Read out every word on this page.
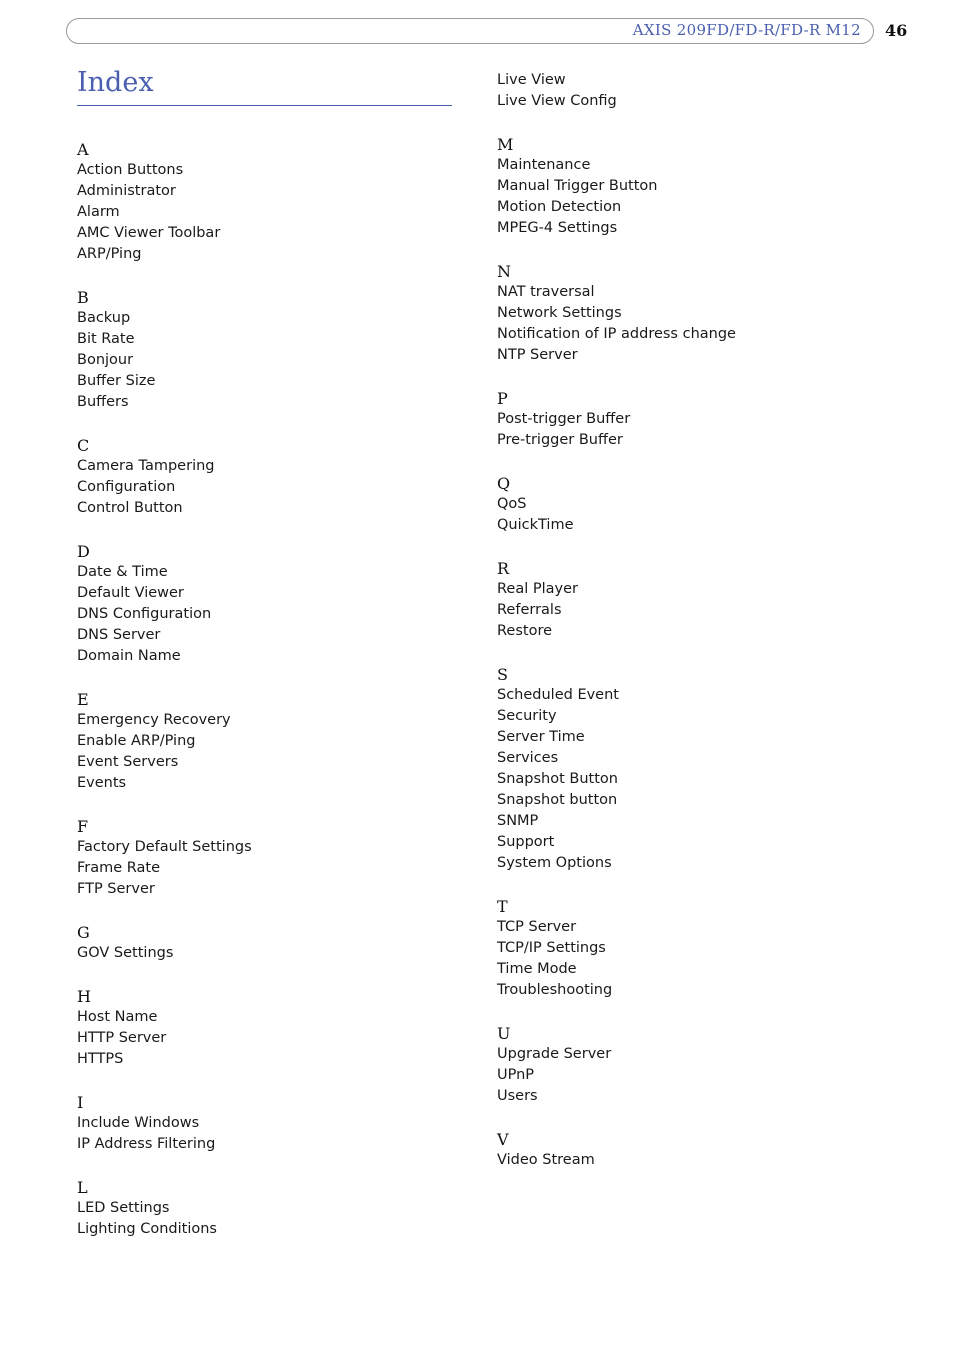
AXIS 209FD/FD-R/FD-R M12 46
Index
A
Action Buttons
Administrator
Alarm
AMC Viewer Toolbar
ARP/Ping
B
Backup
Bit Rate
Bonjour
Buffer Size
Buffers
C
Camera Tampering
Configuration
Control Button
D
Date & Time
Default Viewer
DNS Configuration
DNS Server
Domain Name
E
Emergency Recovery
Enable ARP/Ping
Event Servers
Events
F
Factory Default Settings
Frame Rate
FTP Server
G
GOV Settings
H
Host Name
HTTP Server
HTTPS
I
Include Windows
IP Address Filtering
L
LED Settings
Lighting Conditions
Live View
Live View Config
M
Maintenance
Manual Trigger Button
Motion Detection
MPEG-4 Settings
N
NAT traversal
Network Settings
Notification of IP address change
NTP Server
P
Post-trigger Buffer
Pre-trigger Buffer
Q
QoS
QuickTime
R
Real Player
Referrals
Restore
S
Scheduled Event
Security
Server Time
Services
Snapshot Button
Snapshot button
SNMP
Support
System Options
T
TCP Server
TCP/IP Settings
Time Mode
Troubleshooting
U
Upgrade Server
UPnP
Users
V
Video Stream
